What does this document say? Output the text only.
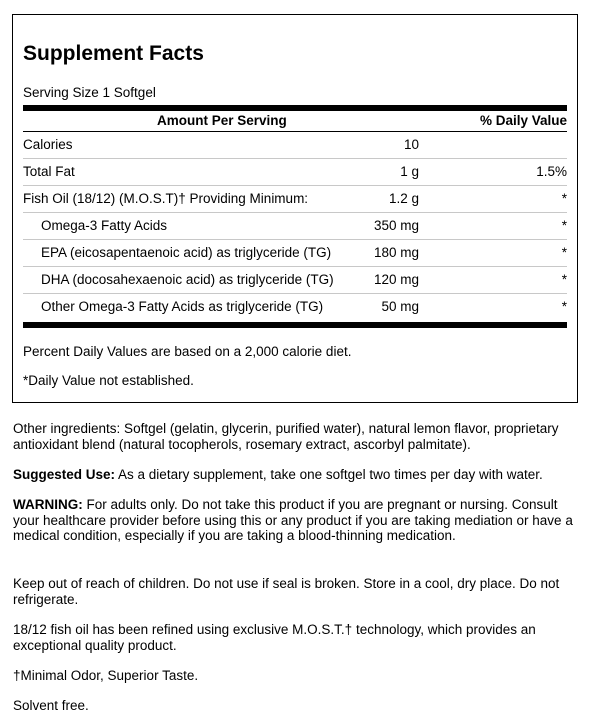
Supplement Facts
Serving Size 1 Softgel
Amount Per Serving	% Daily Value
Calories	10
Total Fat	1 g	1.5%
Fish Oil (18/12) (M.O.S.T)† Providing Minimum:	1.2 g	*
Omega-3 Fatty Acids	350 mg	*
EPA (eicosapentaenoic acid) as triglyceride (TG)	180 mg	*
DHA (docosahexaenoic acid) as triglyceride (TG)	120 mg	*
Other Omega-3 Fatty Acids as triglyceride (TG)	50 mg	*
Percent Daily Values are based on a 2,000 calorie diet.
*Daily Value not established.

Other ingredients: Softgel (gelatin, glycerin, purified water), natural lemon flavor, proprietary antioxidant blend (natural tocopherols, rosemary extract, ascorbyl palmitate).

Suggested Use: As a dietary supplement, take one softgel two times per day with water.

WARNING: For adults only. Do not take this product if you are pregnant or nursing. Consult your healthcare provider before using this or any product if you are taking mediation or have a medical condition, especially if you are taking a blood-thinning medication.

Keep out of reach of children. Do not use if seal is broken. Store in a cool, dry place. Do not refrigerate.

18/12 fish oil has been refined using exclusive M.O.S.T.† technology, which provides an exceptional quality product.

†Minimal Odor, Superior Taste.

Solvent free.
